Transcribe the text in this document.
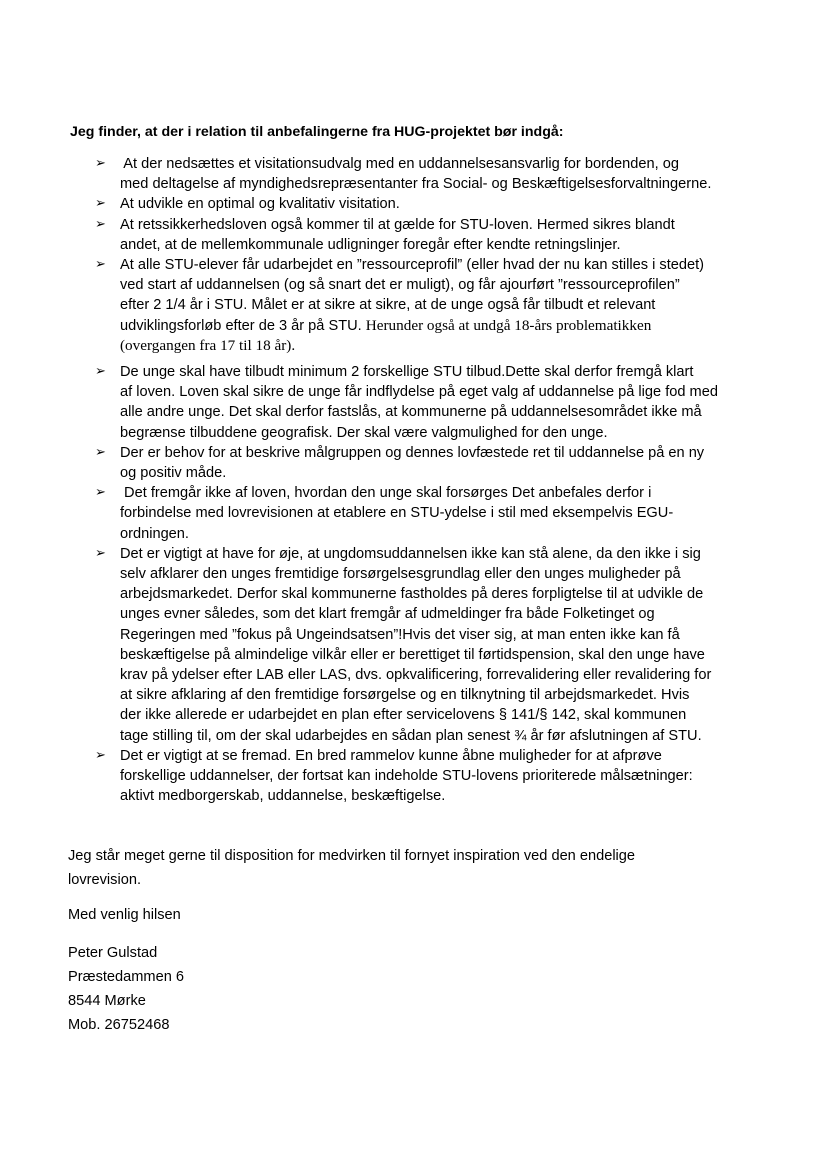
Jeg finder, at der i relation til anbefalingerne fra HUG-projektet bør indgå:
➢ At der nedsættes et visitationsudvalg med en uddannelsesansvarlig for bordenden, og
med deltagelse af myndighedsrepræsentanter fra Social- og Beskæftigelsesforvaltningerne.
➢ At udvikle en optimal og kvalitativ visitation.
➢ At retssikkerhedsloven også kommer til at gælde for STU-loven. Hermed sikres blandt
andet, at de mellemkommunale udligninger foregår efter kendte retningslinjer.
➢ At alle STU-elever får udarbejdet en ”ressourceprofil” (eller hvad der nu kan stilles i stedet)
ved start af uddannelsen (og så snart det er muligt), og får ajourført ”ressourceprofilen”
efter 2 1/4 år i STU. Målet er at sikre at sikre, at de unge også får tilbudt et relevant
udviklingsforløb efter de 3 år på STU. Herunder også at undgå 18-års problematikken
(overgangen fra 17 til 18 år).
➢ De unge skal have tilbudt minimum 2 forskellige STU tilbud.Dette skal derfor fremgå klart
af loven. Loven skal sikre de unge får indflydelse på eget valg af uddannelse på lige fod med
alle andre unge. Det skal derfor fastslås, at kommunerne på uddannelsesområdet ikke må
begrænse tilbuddene geografisk. Der skal være valgmulighed for den unge.
➢ Der er behov for at beskrive målgruppen og dennes lovfæstede ret til uddannelse på en ny
og positiv måde.
➢ Det fremgår ikke af loven, hvordan den unge skal forsørges Det anbefales derfor i
forbindelse med lovrevisionen at etablere en STU-ydelse i stil med eksempelvis EGU-
ordningen.
➢ Det er vigtigt at have for øje, at ungdomsuddannelsen ikke kan stå alene, da den ikke i sig
selv afklarer den unges fremtidige forsørgelsesgrundlag eller den unges muligheder på
arbejdsmarkedet. Derfor skal kommunerne fastholdes på deres forpligtelse til at udvikle de
unges evner således, som det klart fremgår af udmeldinger fra både Folketinget og
Regeringen med ”fokus på Ungeindsatsen”!Hvis det viser sig, at man enten ikke kan få
beskæftigelse på almindelige vilkår eller er berettiget til førtidspension, skal den unge have
krav på ydelser efter LAB eller LAS, dvs. opkvalificering, forrevalidering eller revalidering for
at sikre afklaring af den fremtidige forsørgelse og en tilknytning til arbejdsmarkedet. Hvis
der ikke allerede er udarbejdet en plan efter servicelovens § 141/§ 142, skal kommunen
tage stilling til, om der skal udarbejdes en sådan plan senest ¾ år før afslutningen af STU.
➢ Det er vigtigt at se fremad. En bred rammelov kunne åbne muligheder for at afprøve
forskellige uddannelser, der fortsat kan indeholde STU-lovens prioriterede målsætninger:
aktivt medborgerskab, uddannelse, beskæftigelse.
Jeg står meget gerne til disposition for medvirken til fornyet inspiration ved den endelige
lovrevision.
Med venlig hilsen
Peter Gulstad
Præstedammen 6
8544 Mørke
Mob. 26752468
